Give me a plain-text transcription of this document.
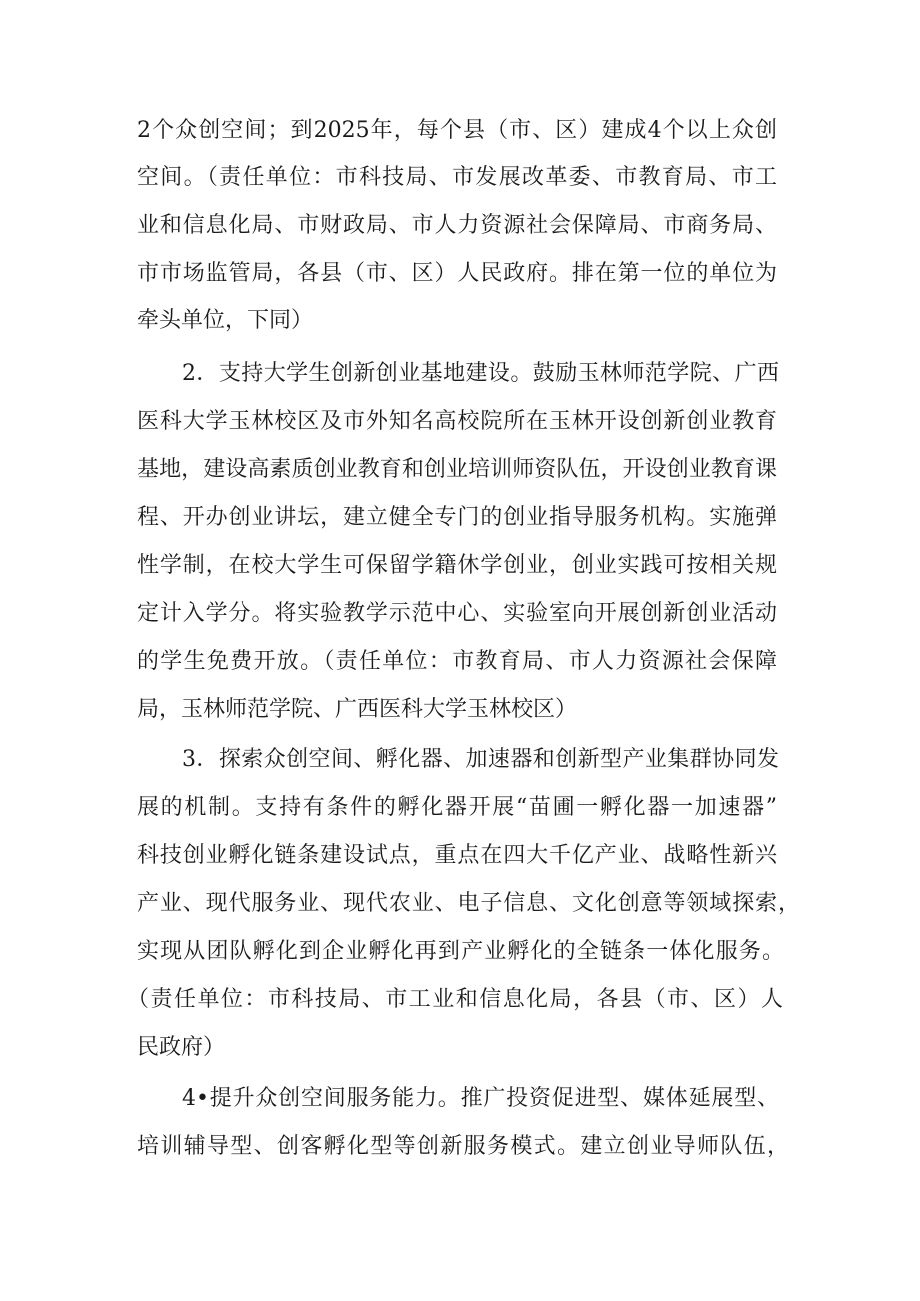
2个众创空间；到2025年，每个县（市、区）建成4个以上众创
空间。（责任单位：市科技局、市发展改革委、市教育局、市工
业和信息化局、市财政局、市人力资源社会保障局、市商务局、
市市场监管局，各县（市、区）人民政府。排在第一位的单位为
牵头单位，下同）
2．支持大学生创新创业基地建设。鼓励玉林师范学院、广西
医科大学玉林校区及市外知名高校院所在玉林开设创新创业教育
基地，建设高素质创业教育和创业培训师资队伍，开设创业教育课
程、开办创业讲坛，建立健全专门的创业指导服务机构。实施弹
性学制，在校大学生可保留学籍休学创业，创业实践可按相关规
定计入学分。将实验教学示范中心、实验室向开展创新创业活动
的学生免费开放。（责任单位：市教育局、市人力资源社会保障
局，玉林师范学院、广西医科大学玉林校区）
3．探索众创空间、孵化器、加速器和创新型产业集群协同发
展的机制。支持有条件的孵化器开展“苗圃一孵化器一加速器”
科技创业孵化链条建设试点，重点在四大千亿产业、战略性新兴
产业、现代服务业、现代农业、电子信息、文化创意等领域探索，
实现从团队孵化到企业孵化再到产业孵化的全链条一体化服务。
（责任单位：市科技局、市工业和信息化局，各县（市、区）人
民政府）
4•提升众创空间服务能力。推广投资促进型、媒体延展型、
培训辅导型、创客孵化型等创新服务模式。建立创业导师队伍，
